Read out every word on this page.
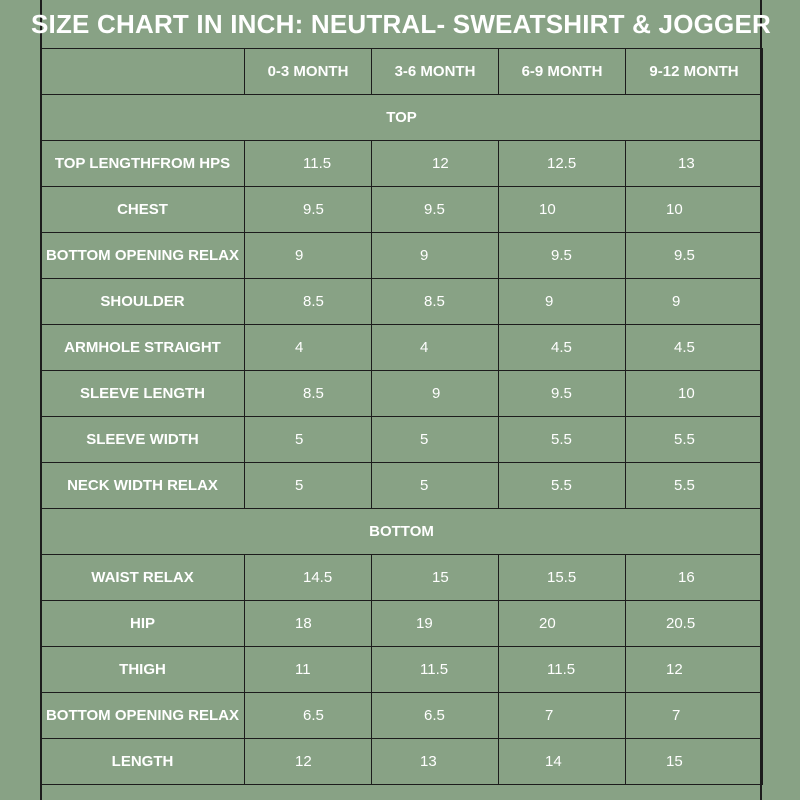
SIZE CHART IN INCH: NEUTRAL- SWEATSHIRT & JOGGER
	0-3 MONTH	3-6 MONTH	6-9 MONTH	9-12 MONTH
TOP				
TOP LENGTHFROM HPS	11.5	12	12.5	13
CHEST	9.5	9.5	10	10
BOTTOM OPENING RELAX	9	9	9.5	9.5
SHOULDER	8.5	8.5	9	9
ARMHOLE STRAIGHT	4	4	4.5	4.5
SLEEVE LENGTH	8.5	9	9.5	10
SLEEVE WIDTH	5	5	5.5	5.5
NECK WIDTH RELAX	5	5	5.5	5.5
BOTTOM				
WAIST RELAX	14.5	15	15.5	16
HIP	18	19	20	20.5
THIGH	11	11.5	11.5	12
BOTTOM OPENING RELAX	6.5	6.5	7	7
LENGTH	12	13	14	15
